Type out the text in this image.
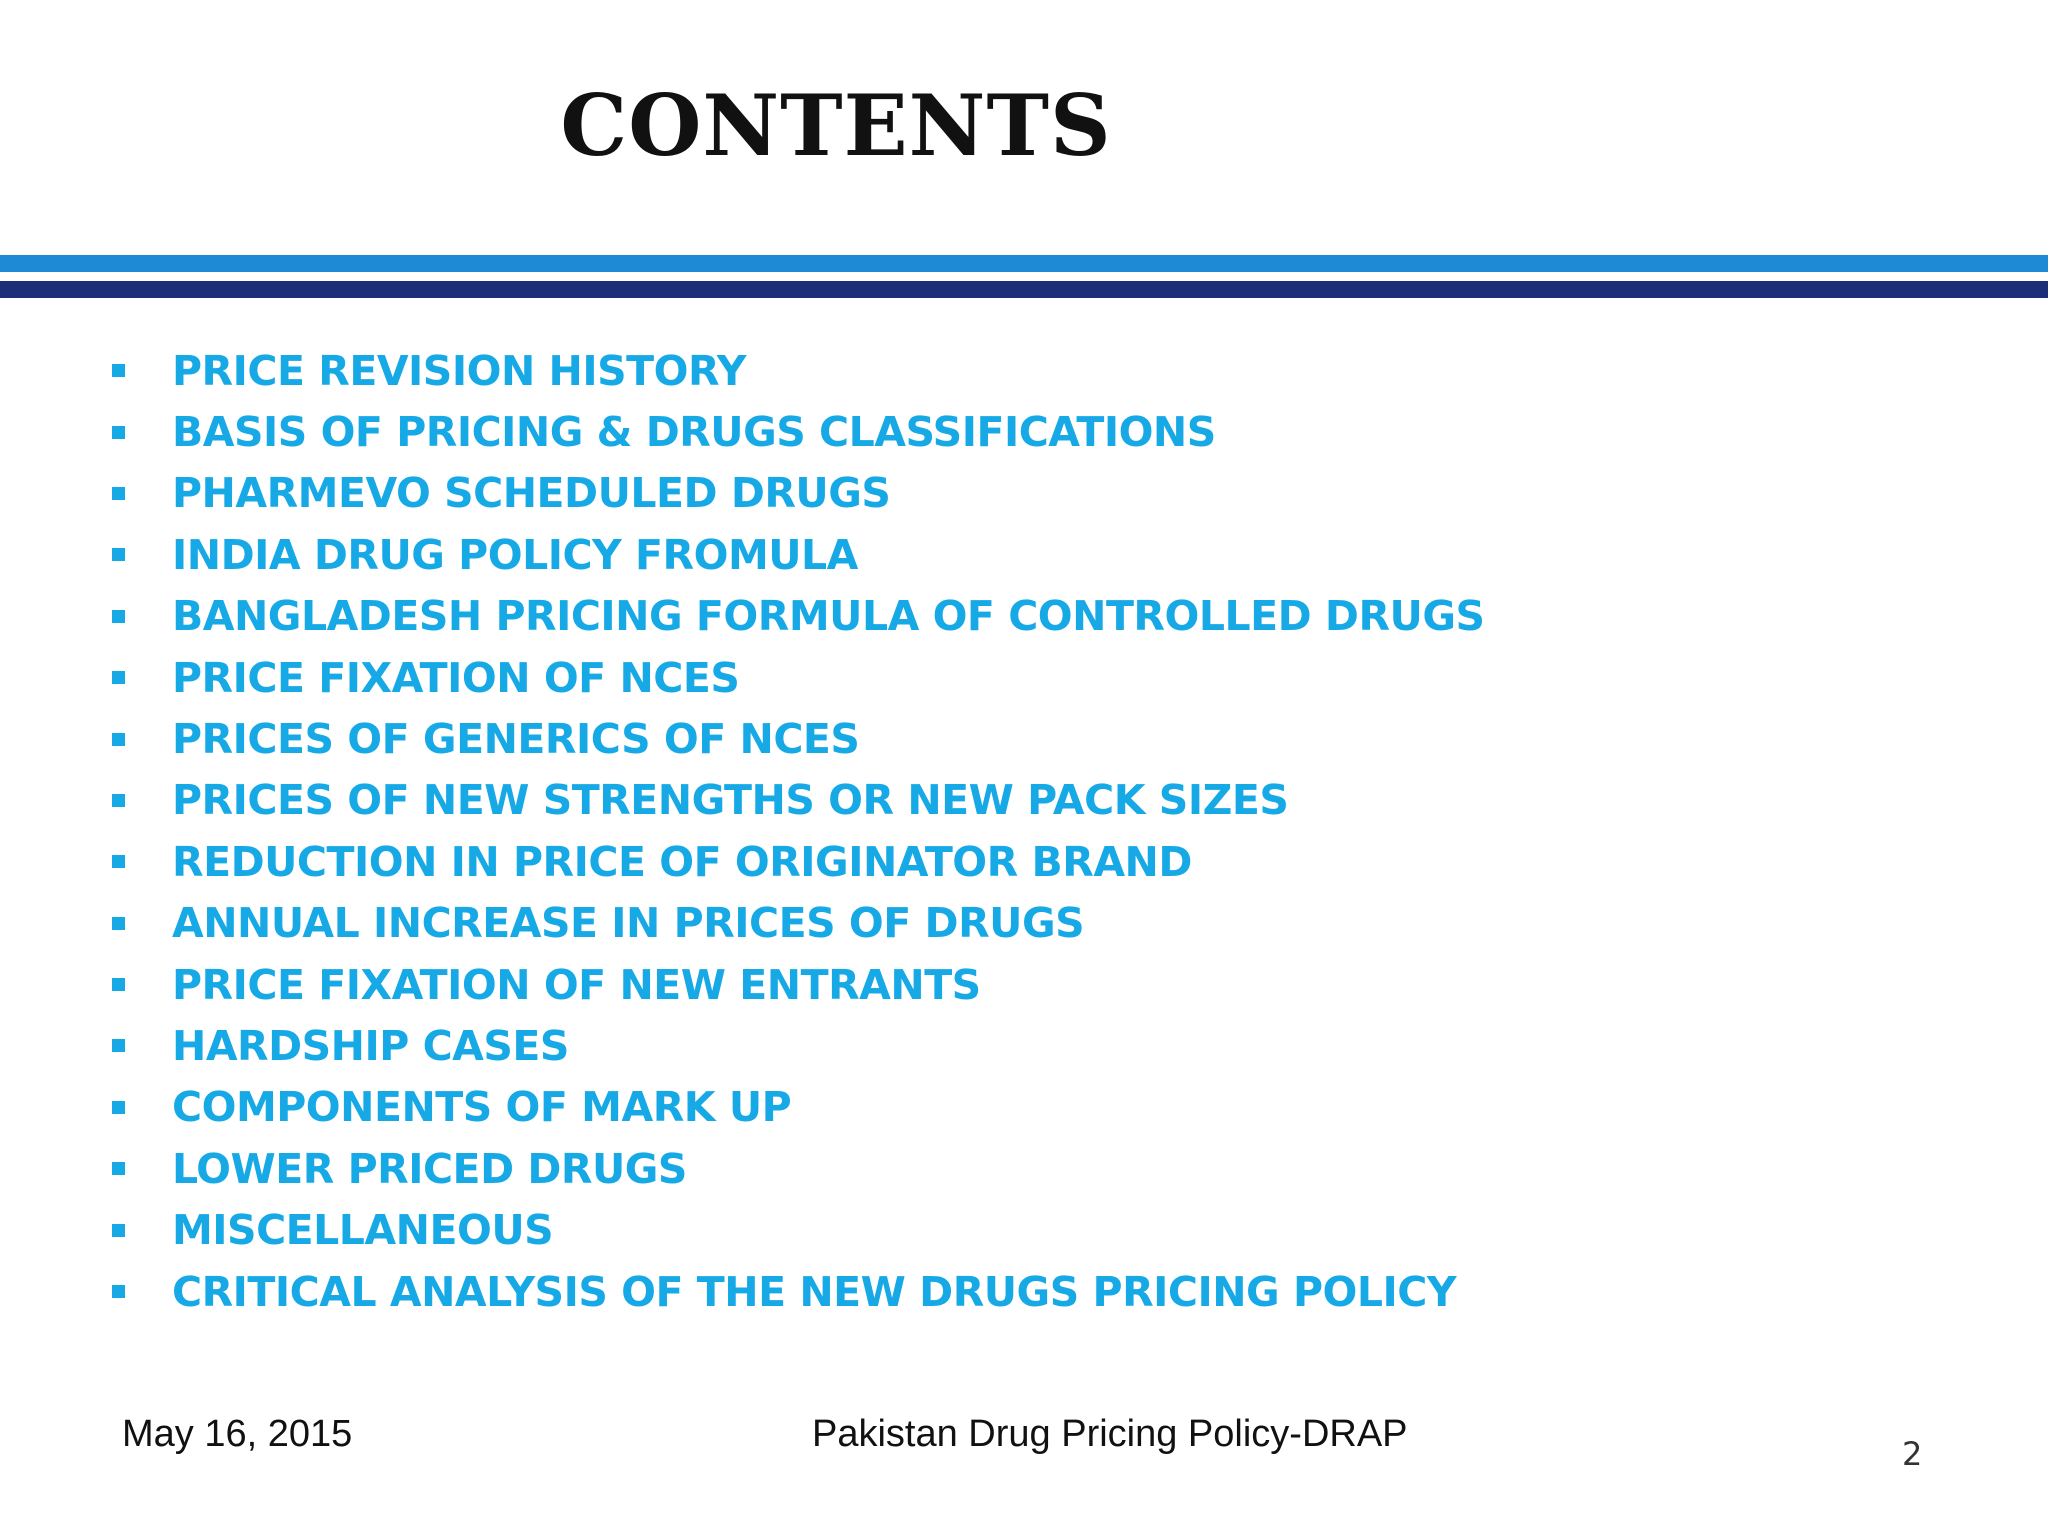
CONTENTS
PRICE REVISION HISTORY
BASIS OF PRICING & DRUGS CLASSIFICATIONS
PHARMEVO SCHEDULED DRUGS
INDIA DRUG POLICY FROMULA
BANGLADESH PRICING FORMULA OF CONTROLLED DRUGS
PRICE FIXATION OF NCES
PRICES OF GENERICS OF NCES
PRICES OF NEW STRENGTHS OR NEW PACK SIZES
REDUCTION IN PRICE OF ORIGINATOR BRAND
ANNUAL INCREASE IN PRICES OF DRUGS
PRICE FIXATION OF NEW ENTRANTS
HARDSHIP CASES
COMPONENTS OF MARK UP
LOWER PRICED DRUGS
MISCELLANEOUS
CRITICAL ANALYSIS OF THE NEW DRUGS PRICING POLICY
May 16, 2015	Pakistan Drug Pricing Policy-DRAP	2
